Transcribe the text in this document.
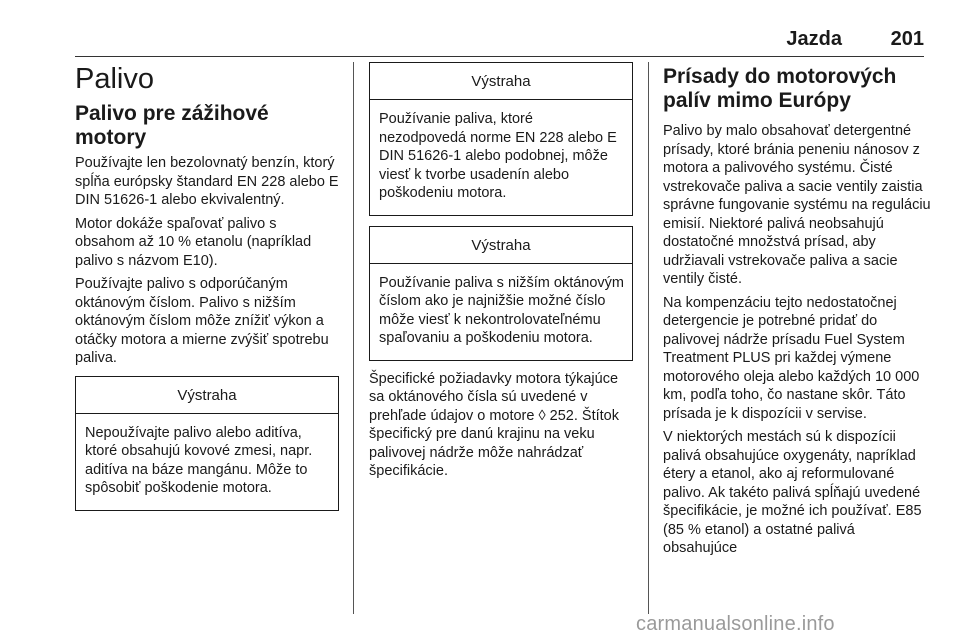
Jazda 201
Palivo
Palivo pre zážihové motory

Používajte len bezolovnatý benzín, ktorý spĺňa európsky štandard EN 228 alebo E DIN 51626-1 alebo ekvivalentný.

Motor dokáže spaľovať palivo s obsahom až 10 % etanolu (napríklad palivo s názvom E10).

Používajte palivo s odporúčaným oktánovým číslom. Palivo s nižším oktánovým číslom môže znížiť výkon a otáčky motora a mierne zvýšiť spotrebu paliva.

Výstraha
Nepoužívajte palivo alebo aditíva, ktoré obsahujú kovové zmesi, napr. aditíva na báze mangánu. Môže to spôsobiť poškodenie motora.
Výstraha
Používanie paliva, ktoré nezodpovedá norme EN 228 alebo E DIN 51626-1 alebo podobnej, môže viesť k tvorbe usadenín alebo poškodeniu motora.
Výstraha
Používanie paliva s nižším oktánovým číslom ako je najnižšie možné číslo môže viesť k nekontrolovateľnému spaľovaniu a poškodeniu motora.

Špecifické požiadavky motora týkajúce sa oktánového čísla sú uvedené v prehľade údajov o motore ◊ 252. Štítok špecifický pre danú krajinu na veku palivovej nádrže môže nahrádzať špecifikácie.

Prísady do motorových palív mimo Európy

Palivo by malo obsahovať detergentné prísady, ktoré bránia peneniu nánosov z motora a palivového systému. Čisté vstrekovače paliva a sacie ventily zaistia správne fungovanie systému na reguláciu emisií. Niektoré palivá neobsahujú dostatočné množstvá prísad, aby udržiavali vstrekovače paliva a sacie ventily čisté.

Na kompenzáciu tejto nedostatočnej detergencie je potrebné pridať do palivovej nádrže prísadu Fuel System Treatment PLUS pri každej výmene motorového oleja alebo každých 10 000 km, podľa toho, čo nastane skôr. Táto prísada je k dispozícii v servise.

V niektorých mestách sú k dispozícii palivá obsahujúce oxygenáty, napríklad étery a etanol, ako aj reformulované palivo. Ak takéto palivá spĺňajú uvedené špecifikácie, je možné ich používať. E85 (85 % etanol) a ostatné palivá obsahujúce

carmanualsonline.info
